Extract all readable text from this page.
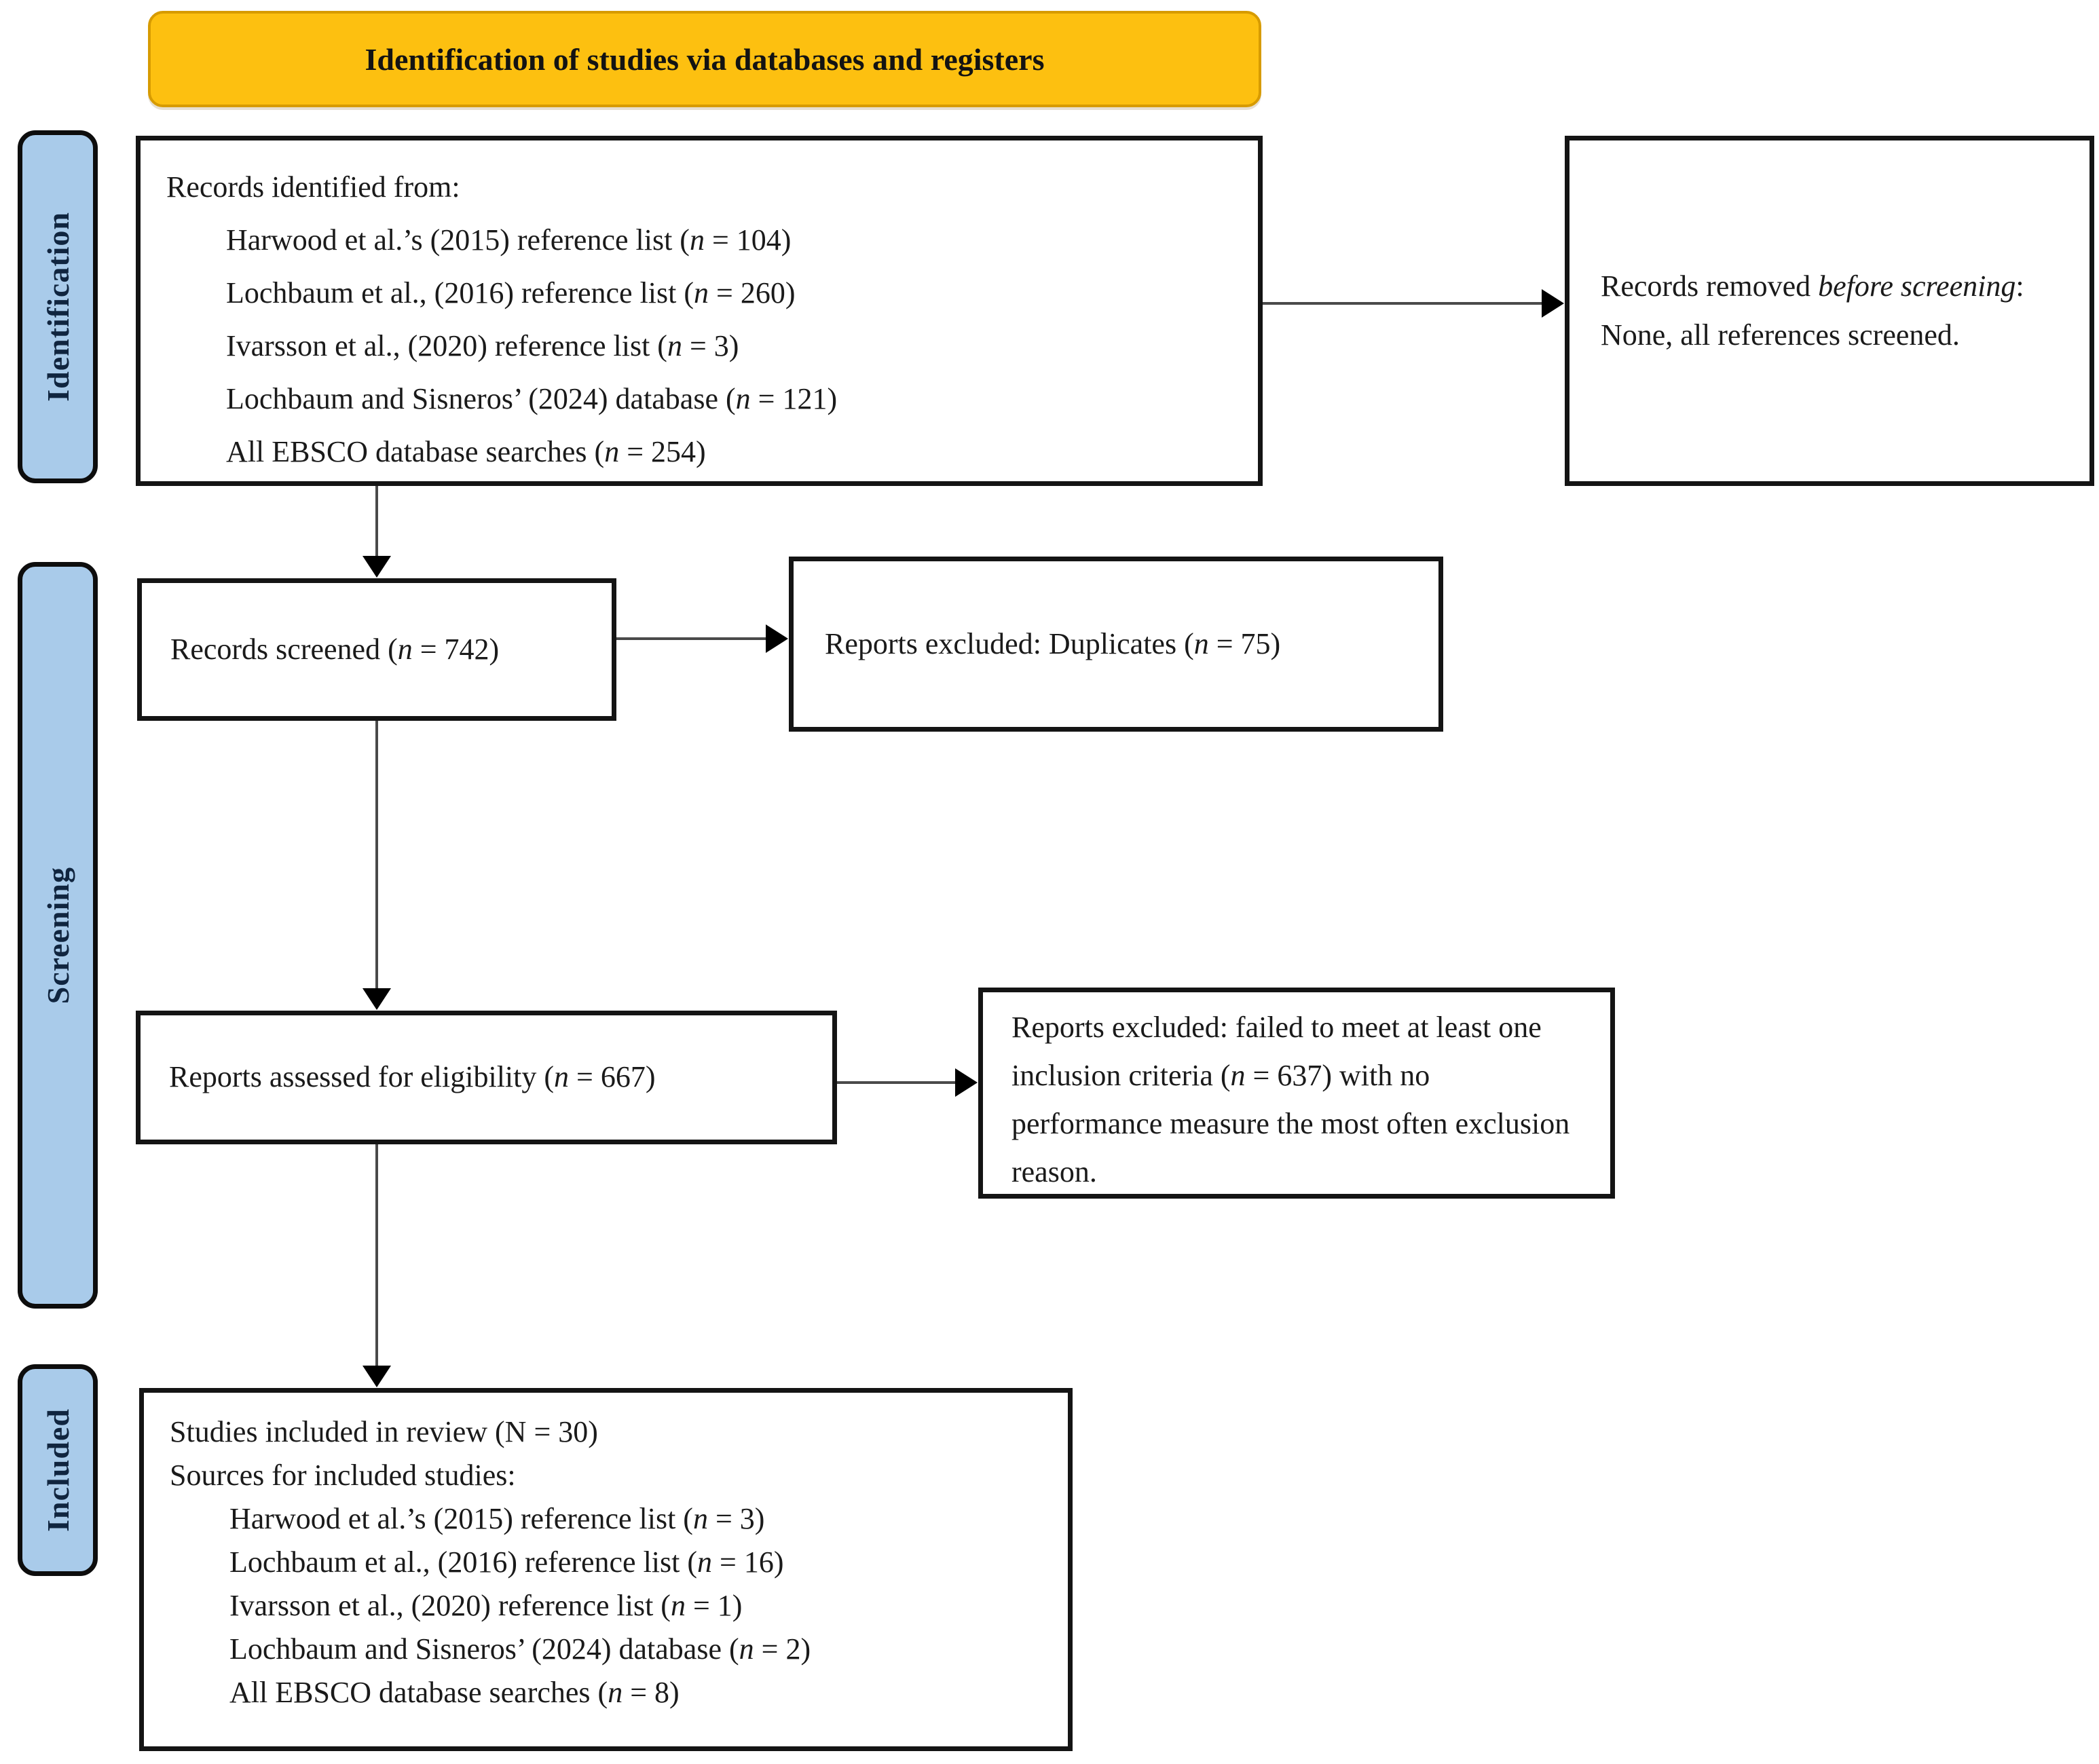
Identification of studies via databases and registers
Identification
Screening
Included
Records identified from:
Harwood et al.’s (2015) reference list (n = 104)
Lochbaum et al., (2016) reference list (n = 260)
Ivarsson et al., (2020) reference list (n = 3)
Lochbaum and Sisneros’ (2024) database (n = 121)
All EBSCO database searches (n = 254)
Records removed before screening: None, all references screened.
Records screened (n = 742)	Reports excluded: Duplicates (n = 75)
Reports assessed for eligibility (n = 667)
Reports excluded: failed to meet at least one inclusion criteria (n = 637) with no performance measure the most often exclusion reason.
Studies included in review (N = 30)
Sources for included studies:
Harwood et al.’s (2015) reference list (n = 3)
Lochbaum et al., (2016) reference list (n = 16)
Ivarsson et al., (2020) reference list (n = 1)
Lochbaum and Sisneros’ (2024) database (n = 2)
All EBSCO database searches (n = 8)
